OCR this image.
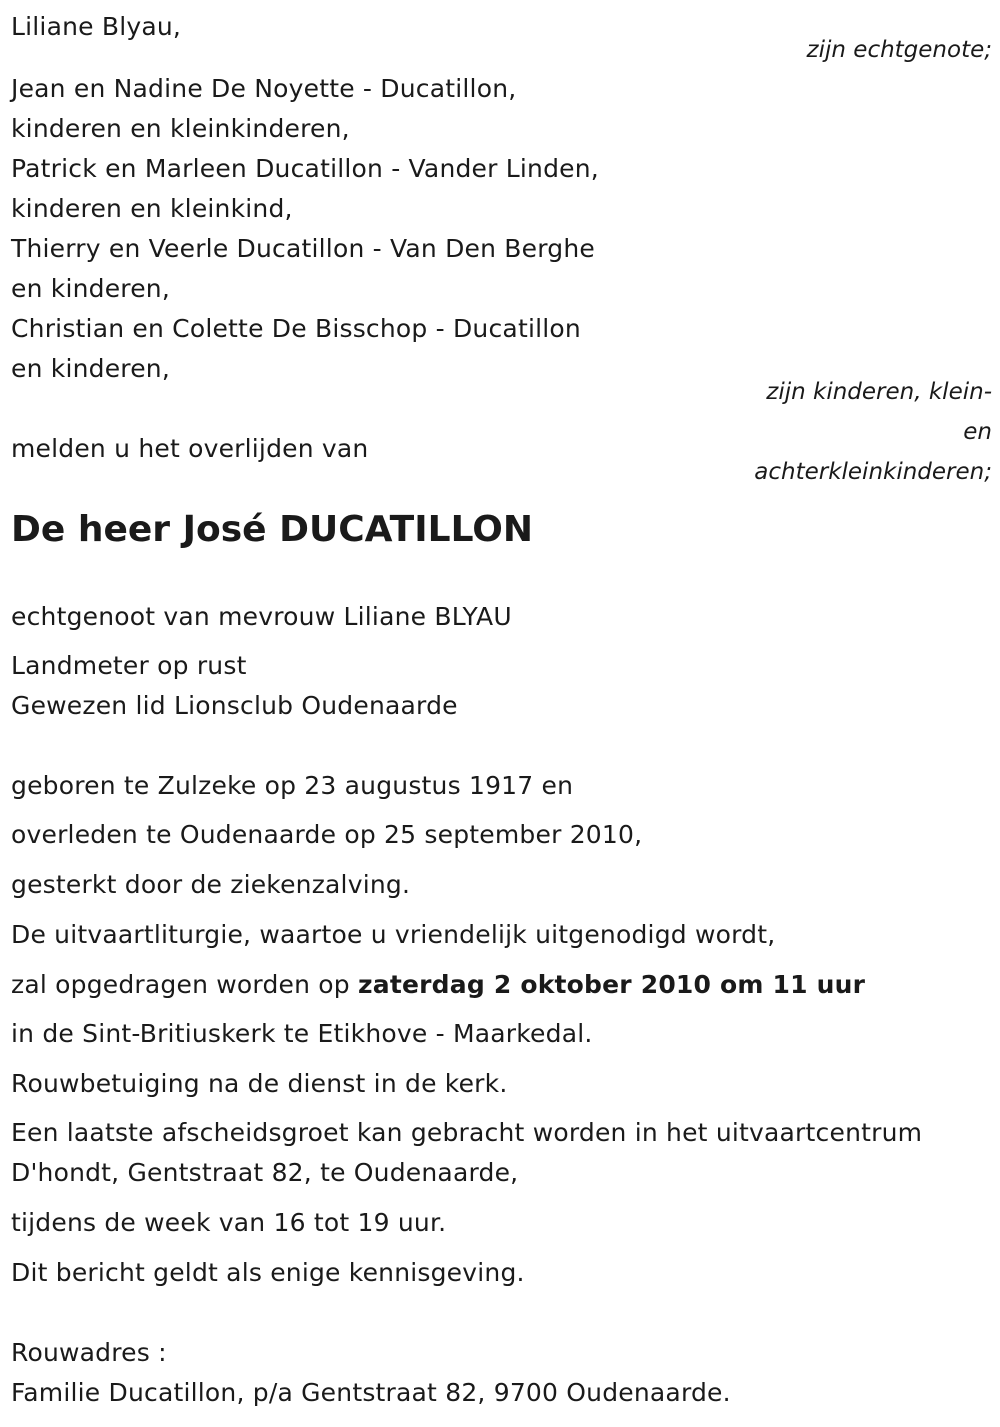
Liliane Blyau,
zijn echtgenote;
Jean en Nadine De Noyette - Ducatillon,
kinderen en kleinkinderen,
Patrick en Marleen Ducatillon - Vander Linden,
kinderen en kleinkind,
Thierry en Veerle Ducatillon - Van Den Berghe
en kinderen,
Christian en Colette De Bisschop - Ducatillon
en kinderen,
zijn kinderen, klein-
en
achterkleinkinderen;
melden u het overlijden van
De heer José DUCATILLON
echtgenoot van mevrouw Liliane BLYAU
Landmeter op rust
Gewezen lid Lionsclub Oudenaarde
geboren te Zulzeke op 23 augustus 1917 en
overleden te Oudenaarde op 25 september 2010,
gesterkt door de ziekenzalving.
De uitvaartliturgie, waartoe u vriendelijk uitgenodigd wordt,
zal opgedragen worden op zaterdag 2 oktober 2010 om 11 uur
in de Sint-Britiuskerk te Etikhove - Maarkedal.
Rouwbetuiging na de dienst in de kerk.
Een laatste afscheidsgroet kan gebracht worden in het uitvaartcentrum
D'hondt, Gentstraat 82, te Oudenaarde,
tijdens de week van 16 tot 19 uur.
Dit bericht geldt als enige kennisgeving.
Rouwadres :
Familie Ducatillon, p/a Gentstraat 82, 9700 Oudenaarde.
